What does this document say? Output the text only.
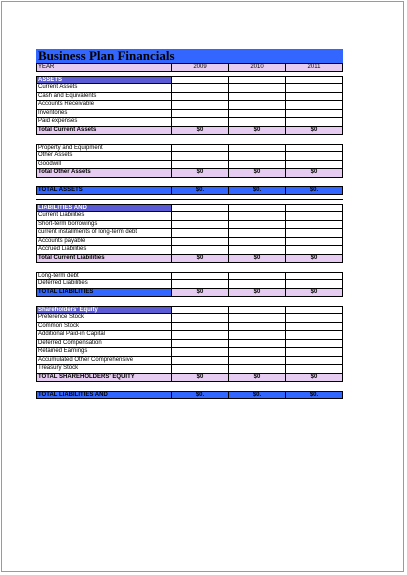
Business Plan Financials
YEAR	2009	2010	2011
ASSETS
Current Assets
Cash and Equivalents
Accounts Receivable
Inventories
Paid expenses
Total Current Assets	$0	$0	$0
Property and Equipment
Other Assets
Goodwill
Total Other Assets	$0	$0	$0
TOTAL ASSETS	$0.	$0.	$0.
LIABILITIES AND
Current Liabilities
Short-term borrowings
current installments of long-term debt
Accounts payable
Accrued Liabilities
Total Current Liabilities	$0	$0	$0
Long-term debt
Deferred Liabilities
TOTAL LIABILITIES	$0	$0	$0
Shareholders' Equity
Preference Stock
Common Stock
Additional Paid-in Capital
Deferred Compensation
Retained Earnings
Accumulated Other Comprehensive
Treasury Stock
TOTAL SHAREHOLDERS' EQUITY	$0	$0	$0
TOTAL LIABILITIES AND	$0.	$0.	$0.
